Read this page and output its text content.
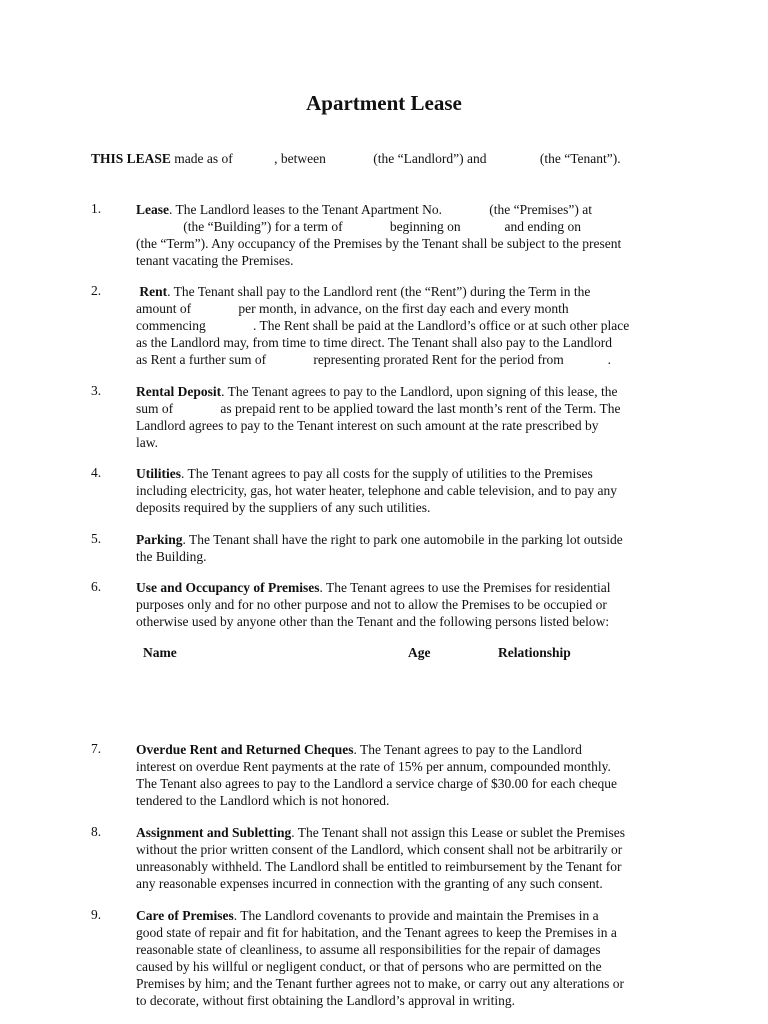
Apartment Lease
THIS LEASE made as of	, between	(the “Landlord”) and	(the “Tenant”).
1.	Lease. The Landlord leases to the Tenant Apartment No.              (the “Premises”) at
(the “Building”) for a term of              beginning on             and ending on
(the “Term”). Any occupancy of the Premises by the Tenant shall be subject to the present
tenant vacating the Premises.
2.	Rent. The Tenant shall pay to the Landlord rent (the “Rent”) during the Term in the
amount of              per month, in advance, on the first day each and every month
commencing              . The Rent shall be paid at the Landlord’s office or at such other place
as the Landlord may, from time to time direct. The Tenant shall also pay to the Landlord
as Rent a further sum of              representing prorated Rent for the period from             .
3.	Rental Deposit. The Tenant agrees to pay to the Landlord, upon signing of this lease, the
sum of              as prepaid rent to be applied toward the last month’s rent of the Term. The
Landlord agrees to pay to the Tenant interest on such amount at the rate prescribed by
law.
4.	Utilities. The Tenant agrees to pay all costs for the supply of utilities to the Premises
including electricity, gas, hot water heater, telephone and cable television, and to pay any
deposits required by the suppliers of any such utilities.
5.	Parking. The Tenant shall have the right to park one automobile in the parking lot outside
the Building.
6.	Use and Occupancy of Premises. The Tenant agrees to use the Premises for residential
purposes only and for no other purpose and not to allow the Premises to be occupied or
otherwise used by anyone other than the Tenant and the following persons listed below:
Name	Age	Relationship
7.	Overdue Rent and Returned Cheques. The Tenant agrees to pay to the Landlord
interest on overdue Rent payments at the rate of 15% per annum, compounded monthly.
The Tenant also agrees to pay to the Landlord a service charge of $30.00 for each cheque
tendered to the Landlord which is not honored.
8.	Assignment and Subletting. The Tenant shall not assign this Lease or sublet the Premises
without the prior written consent of the Landlord, which consent shall not be arbitrarily or
unreasonably withheld. The Landlord shall be entitled to reimbursement by the Tenant for
any reasonable expenses incurred in connection with the granting of any such consent.
9.	Care of Premises. The Landlord covenants to provide and maintain the Premises in a
good state of repair and fit for habitation, and the Tenant agrees to keep the Premises in a
reasonable state of cleanliness, to assume all responsibilities for the repair of damages
caused by his willful or negligent conduct, or that of persons who are permitted on the
Premises by him; and the Tenant further agrees not to make, or carry out any alterations or
to decorate, without first obtaining the Landlord’s approval in writing.
